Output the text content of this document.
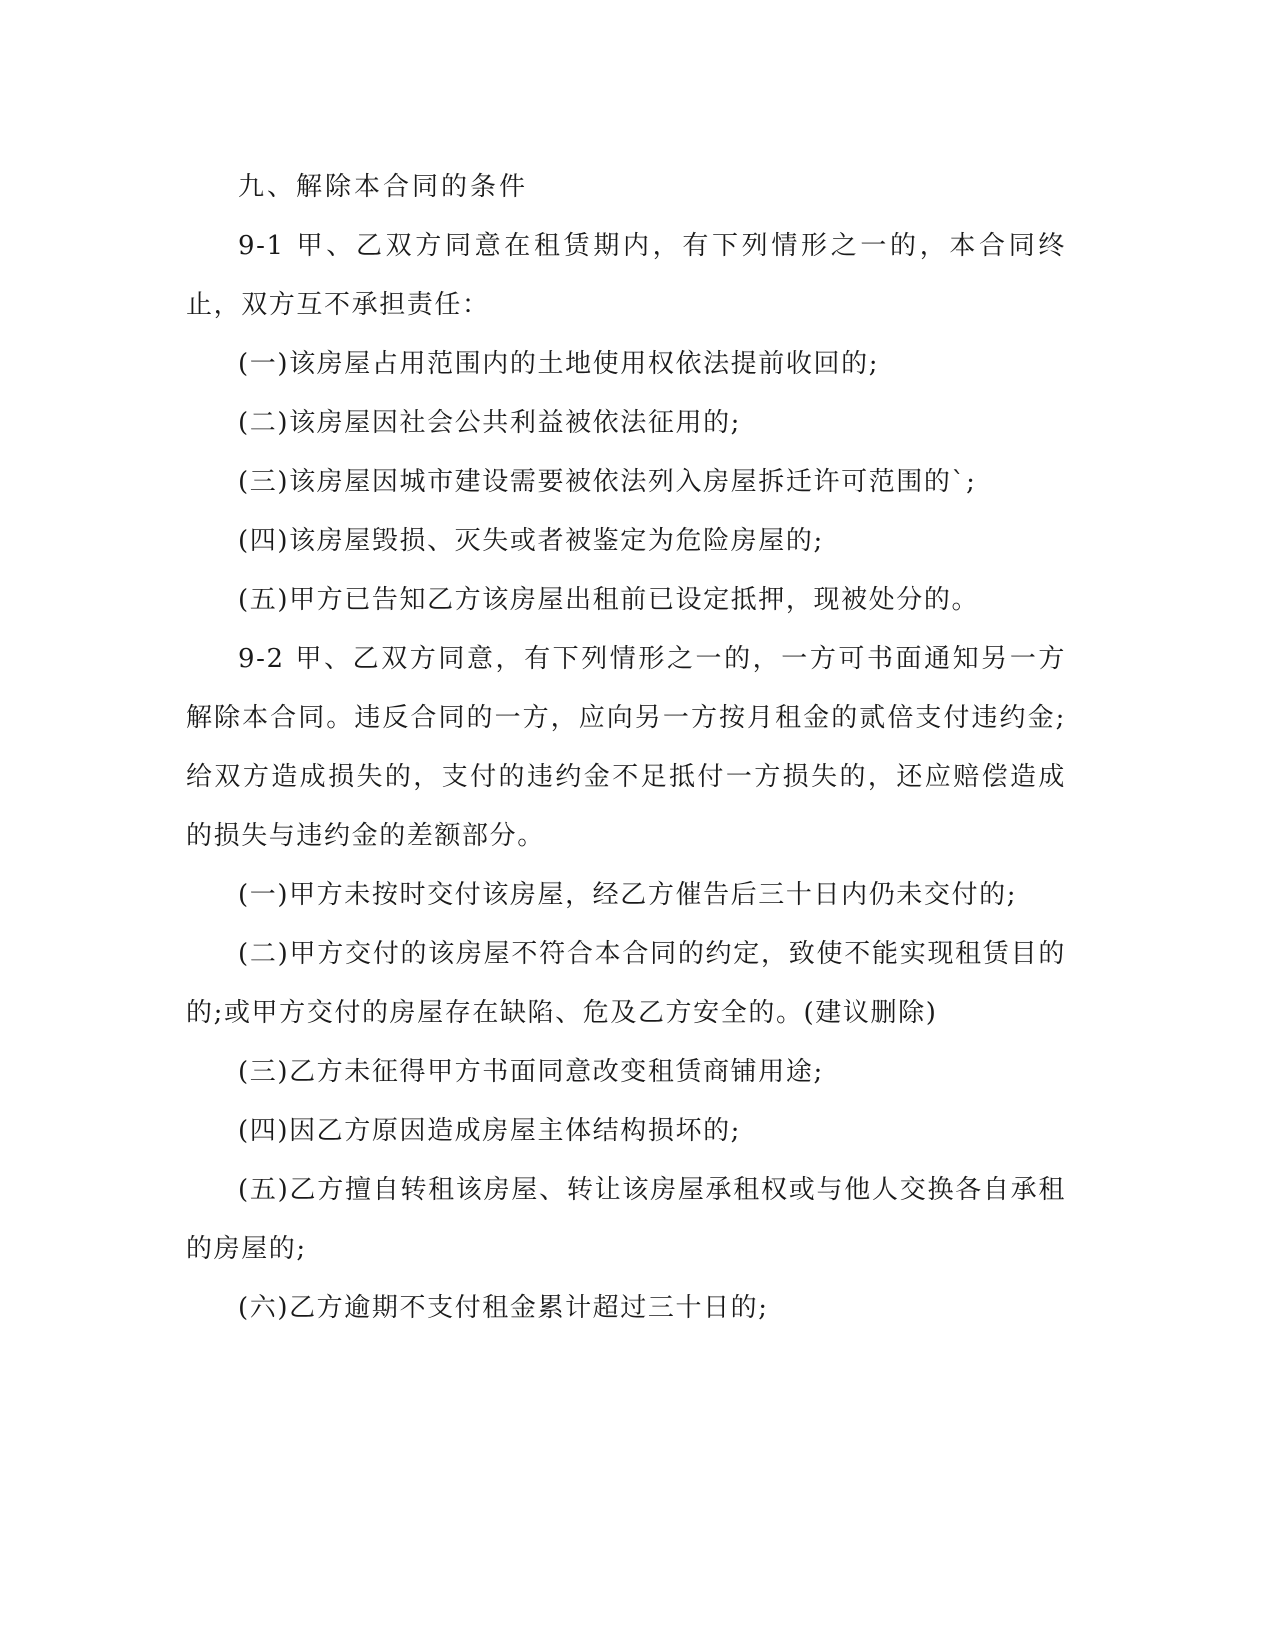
九、解除本合同的条件

9-1 甲、乙双方同意在租赁期内，有下列情形之一的，本合同终止，双方互不承担责任：

(一)该房屋占用范围内的土地使用权依法提前收回的;

(二)该房屋因社会公共利益被依法征用的;

(三)该房屋因城市建设需要被依法列入房屋拆迁许可范围的`;

(四)该房屋毁损、灭失或者被鉴定为危险房屋的;

(五)甲方已告知乙方该房屋出租前已设定抵押，现被处分的。

9-2 甲、乙双方同意，有下列情形之一的，一方可书面通知另一方解除本合同。违反合同的一方，应向另一方按月租金的贰倍支付违约金;给双方造成损失的，支付的违约金不足抵付一方损失的，还应赔偿造成的损失与违约金的差额部分。

(一)甲方未按时交付该房屋，经乙方催告后三十日内仍未交付的;

(二)甲方交付的该房屋不符合本合同的约定，致使不能实现租赁目的的;或甲方交付的房屋存在缺陷、危及乙方安全的。(建议删除)

(三)乙方未征得甲方书面同意改变租赁商铺用途;

(四)因乙方原因造成房屋主体结构损坏的;

(五)乙方擅自转租该房屋、转让该房屋承租权或与他人交换各自承租的房屋的;

(六)乙方逾期不支付租金累计超过三十日的;
